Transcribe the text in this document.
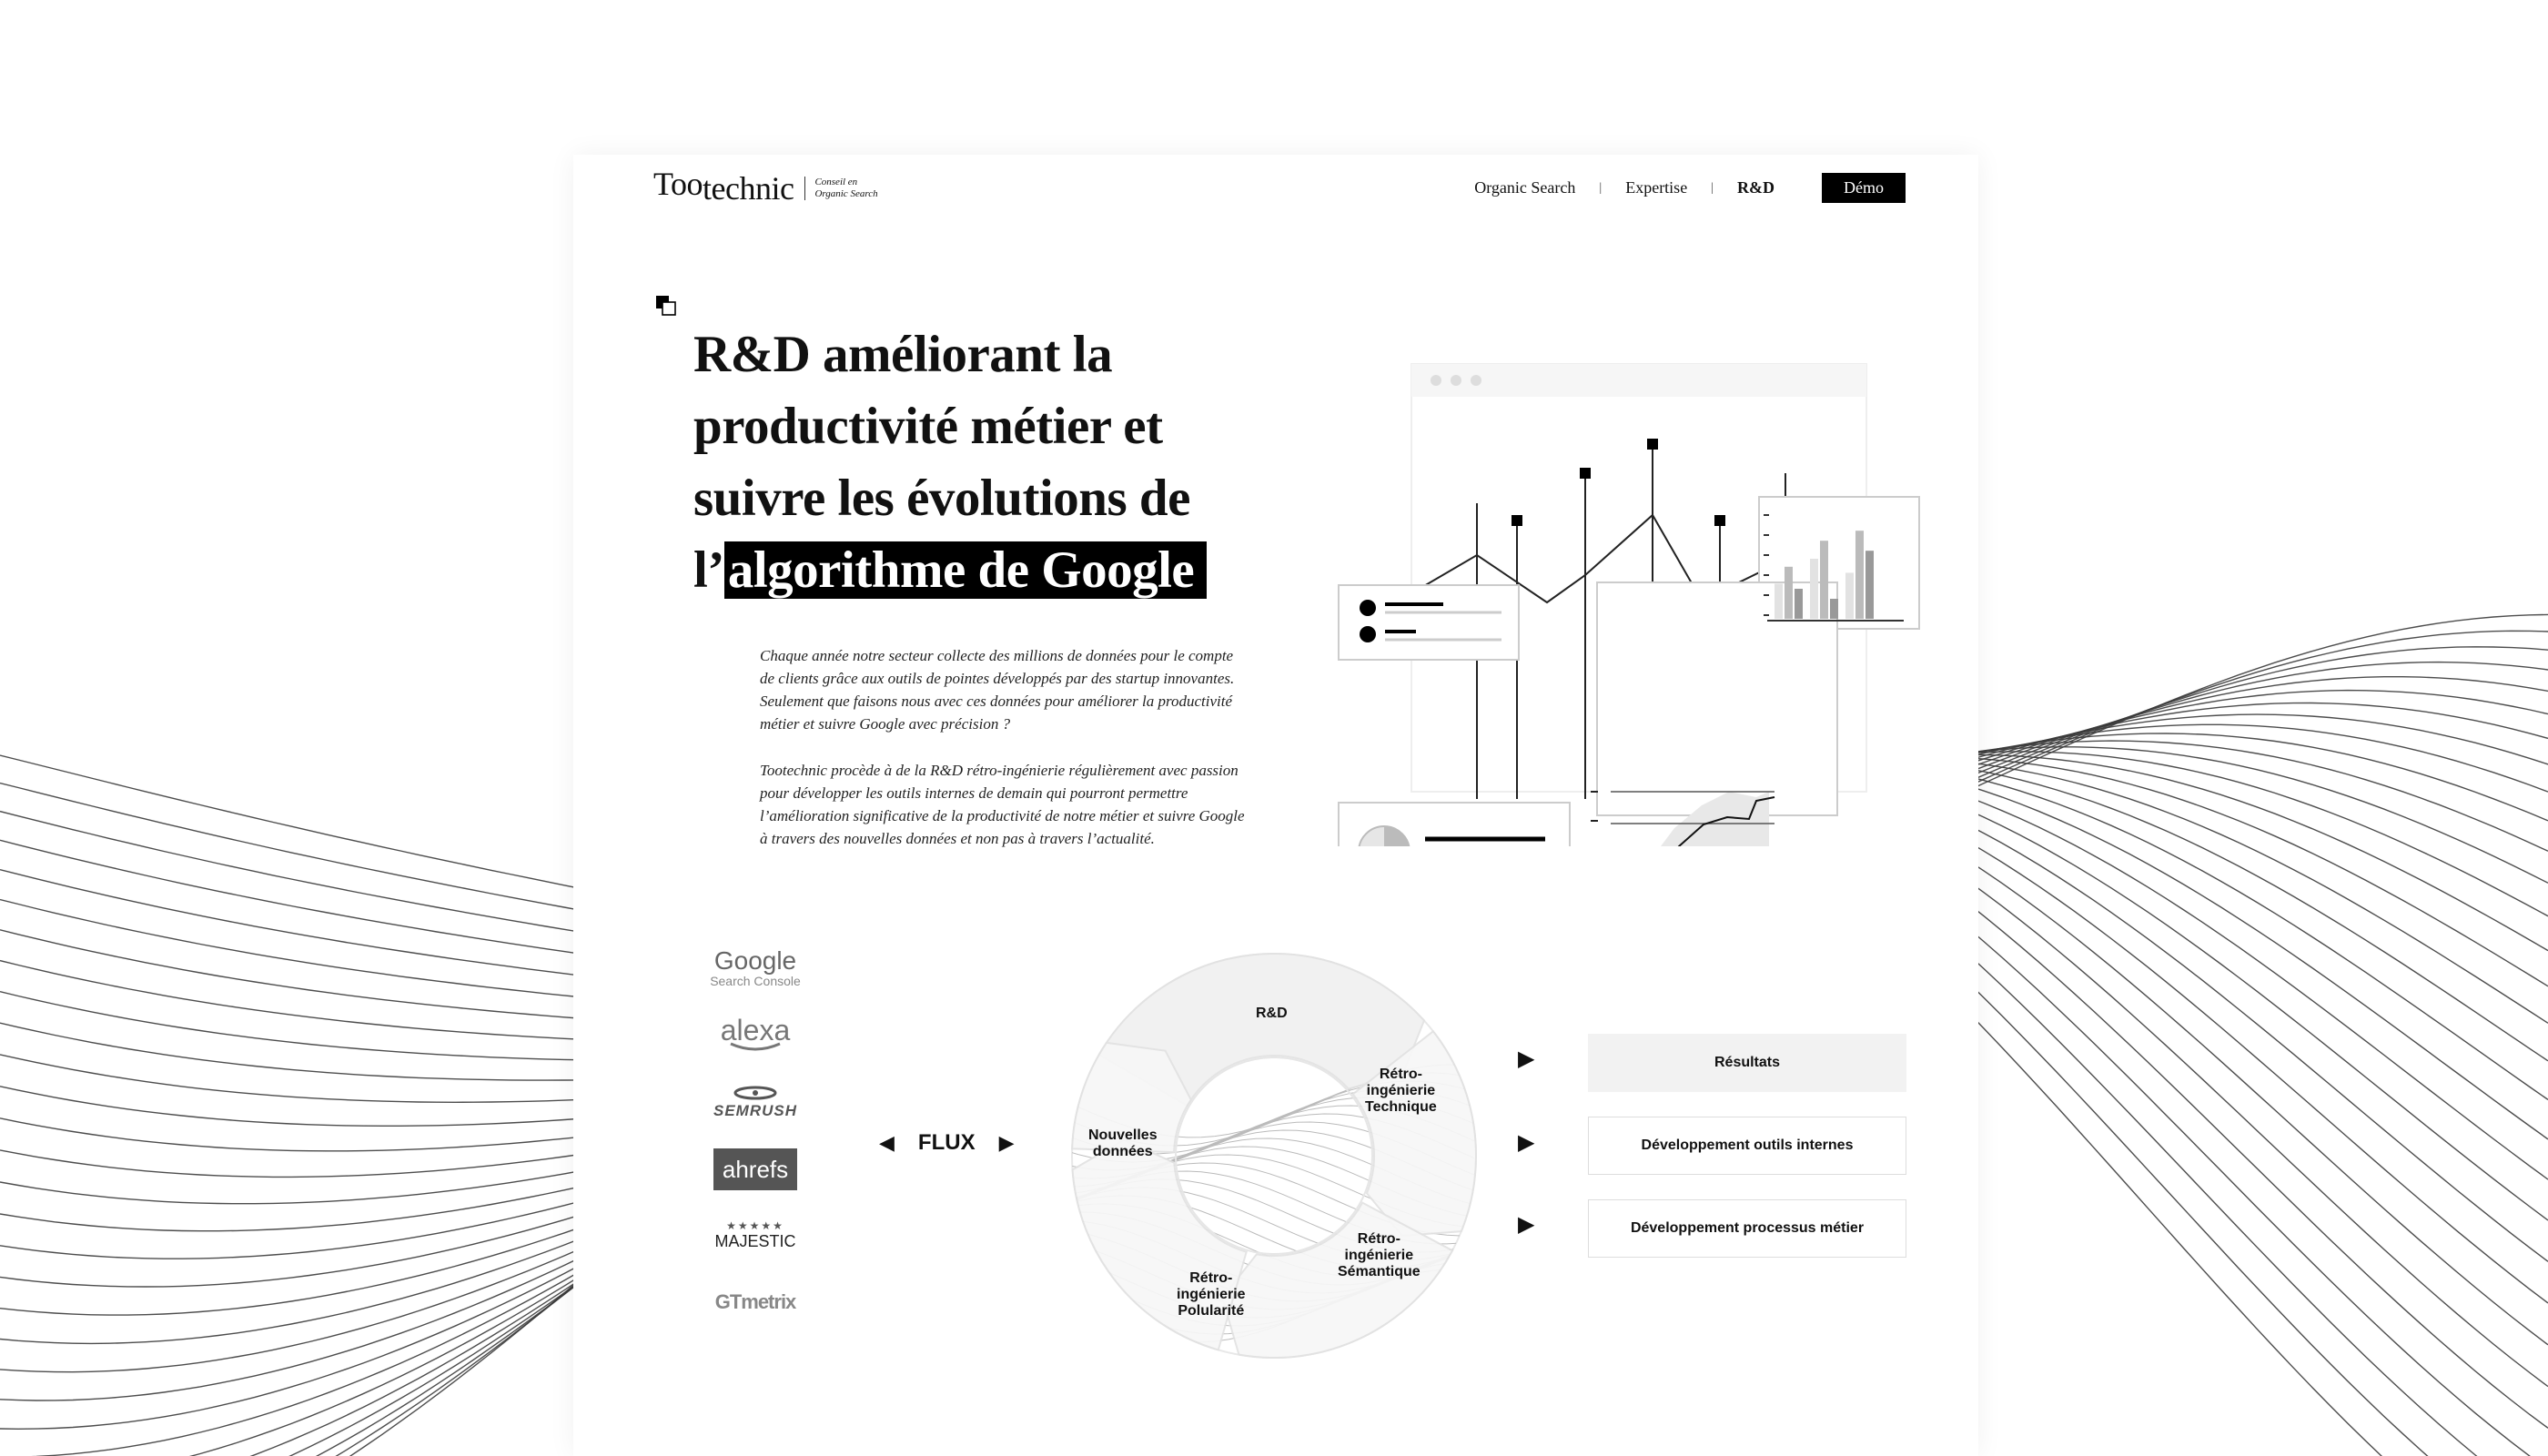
Tootechnic	Conseil en
Organic Search	Organic Search | Expertise | R&D	Démo
R&D améliorant la
productivité métier et
suivre les évolutions de
l’algorithme de Google

Chaque année notre secteur collecte des millions de données pour le compte de clients grâce aux outils de pointes développés par des startup innovantes. Seulement que faisons nous avec ces données pour améliorer la productivité métier et suivre Google avec précision ?

Tootechnic procède à de la R&D rétro-ingénierie régulièrement avec passion pour développer les outils internes de demain qui pourront permettre l’amélioration significative de la productivité de notre métier et suivre Google à travers des nouvelles données et non pas à travers l’actualité.

Google
Search Console
alexa
SEMRUSH
ahrefs
★★★★★
MAJESTIC
GTmetrix
◀ FLUX ▶
R&D
Rétro-
ingénierie
Technique
Rétro-
ingénierie
Sémantique
Rétro-
ingénierie
Polularité
Nouvelles
données
▶
▶
▶
Résultats
Développement outils internes
Développement processus métier
